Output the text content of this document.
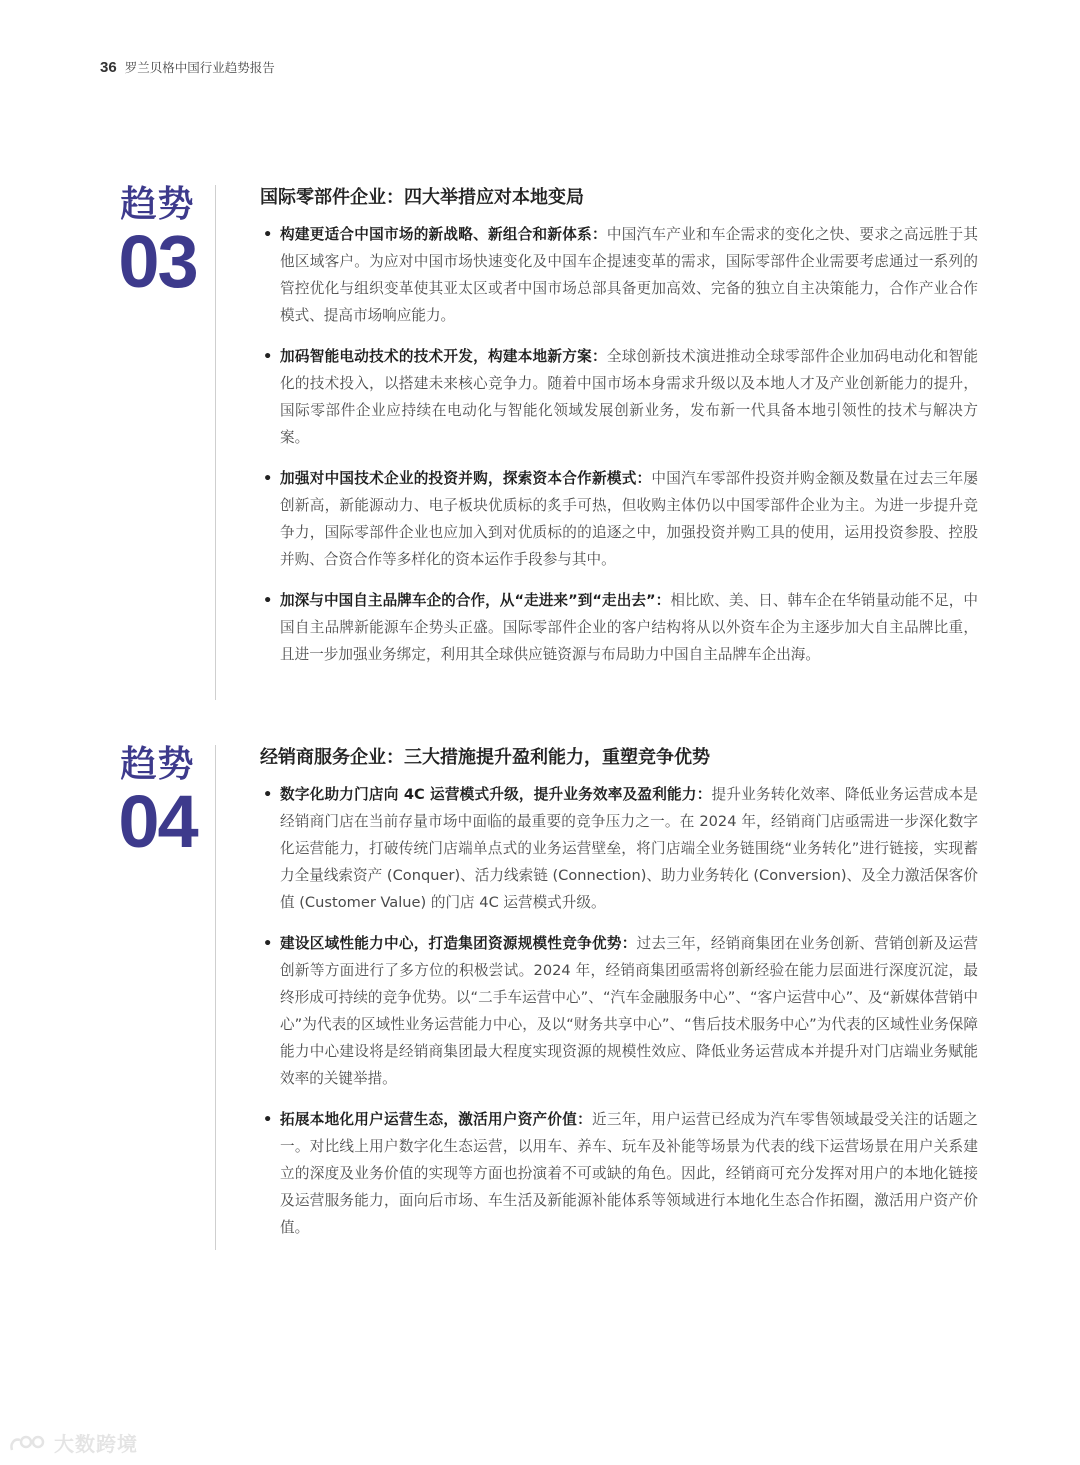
36 罗兰贝格中国行业趋势报告
趋势
03
国际零部件企业：四大举措应对本地变局
• 构建更适合中国市场的新战略、新组合和新体系：中国汽车产业和车企需求的变化之快、要求之高远胜于其他区域客户。为应对中国市场快速变化及中国车企提速变革的需求，国际零部件企业需要考虑通过一系列的管控优化与组织变革使其亚太区或者中国市场总部具备更加高效、完备的独立自主决策能力，合作产业合作模式、提高市场响应能力。
• 加码智能电动技术的技术开发，构建本地新方案：全球创新技术演进推动全球零部件企业加码电动化和智能化的技术投入，以搭建未来核心竞争力。随着中国市场本身需求升级以及本地人才及产业创新能力的提升，国际零部件企业应持续在电动化与智能化领域发展创新业务，发布新一代具备本地引领性的技术与解决方案。
• 加强对中国技术企业的投资并购，探索资本合作新模式：中国汽车零部件投资并购金额及数量在过去三年屡创新高，新能源动力、电子板块优质标的炙手可热，但收购主体仍以中国零部件企业为主。为进一步提升竞争力，国际零部件企业也应加入到对优质标的的追逐之中，加强投资并购工具的使用，运用投资参股、控股并购、合资合作等多样化的资本运作手段参与其中。
• 加深与中国自主品牌车企的合作，从“走进来”到“走出去”：相比欧、美、日、韩车企在华销量动能不足，中国自主品牌新能源车企势头正盛。国际零部件企业的客户结构将从以外资车企为主逐步加大自主品牌比重，且进一步加强业务绑定，利用其全球供应链资源与布局助力中国自主品牌车企出海。
趋势
04
经销商服务企业：三大措施提升盈利能力，重塑竞争优势
• 数字化助力门店向 4C 运营模式升级，提升业务效率及盈利能力：提升业务转化效率、降低业务运营成本是经销商门店在当前存量市场中面临的最重要的竞争压力之一。在 2024 年，经销商门店亟需进一步深化数字化运营能力，打破传统门店端单点式的业务运营壁垒，将门店端全业务链围绕“业务转化”进行链接，实现蓄力全量线索资产 (Conquer)、活力线索链 (Connection)、助力业务转化 (Conversion)、及全力激活保客价值 (Customer Value) 的门店 4C 运营模式升级。
• 建设区域性能力中心，打造集团资源规模性竞争优势：过去三年，经销商集团在业务创新、营销创新及运营创新等方面进行了多方位的积极尝试。2024 年，经销商集团亟需将创新经验在能力层面进行深度沉淀，最终形成可持续的竞争优势。以“二手车运营中心”、“汽车金融服务中心”、“客户运营中心”、及“新媒体营销中心”为代表的区域性业务运营能力中心，及以“财务共享中心”、“售后技术服务中心”为代表的区域性业务保障能力中心建设将是经销商集团最大程度实现资源的规模性效应、降低业务运营成本并提升对门店端业务赋能效率的关键举措。
• 拓展本地化用户运营生态，激活用户资产价值：近三年，用户运营已经成为汽车零售领域最受关注的话题之一。对比线上用户数字化生态运营，以用车、养车、玩车及补能等场景为代表的线下运营场景在用户关系建立的深度及业务价值的实现等方面也扮演着不可或缺的角色。因此，经销商可充分发挥对用户的本地化链接及运营服务能力，面向后市场、车生活及新能源补能体系等领域进行本地化生态合作拓圈，激活用户资产价值。
大数跨境
